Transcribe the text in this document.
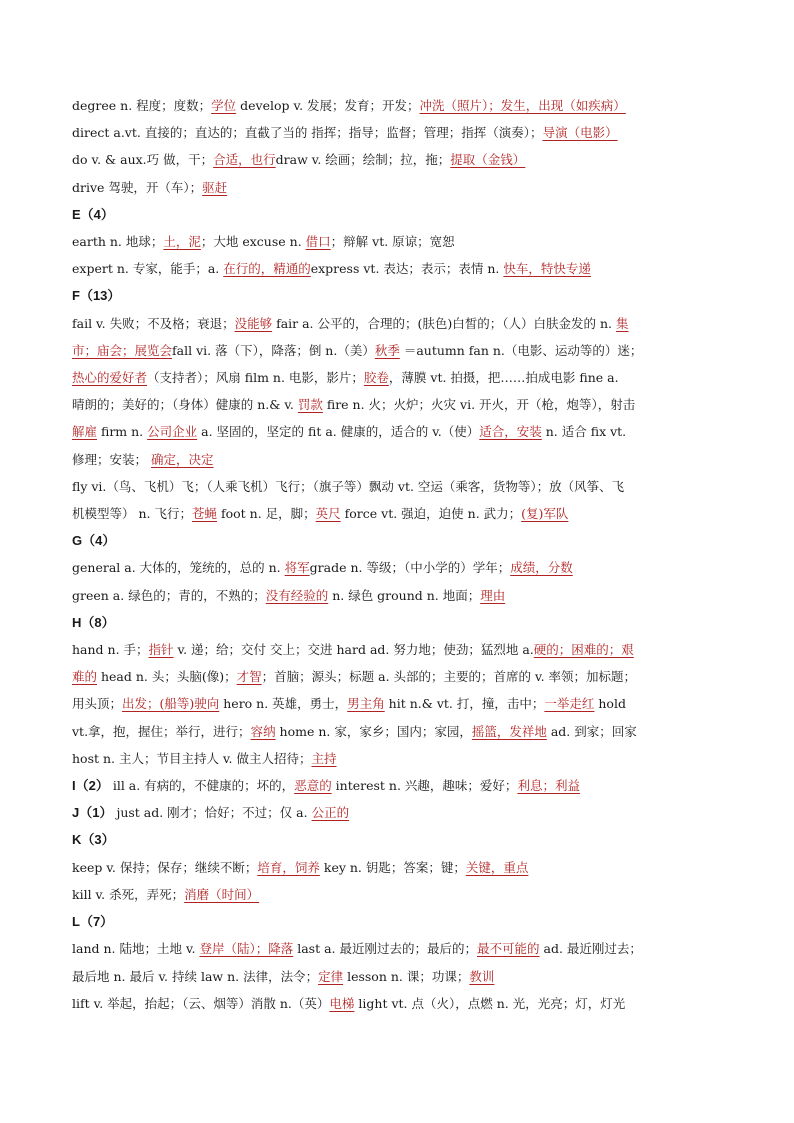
degree n. 程度；度数；学位 develop v. 发展；发育；开发；冲洗（照片）；发生，出现（如疾病）
direct a.vt. 直接的；直达的；直截了当的 指挥；指导；监督；管理；指挥（演奏）；导演（电影）
do v. & aux.巧 做，干；合适，也行draw v. 绘画；绘制；拉，拖；提取（金钱）
drive 驾驶，开（车）；驱赶
E（4）
earth n. 地球；土，泥；大地 excuse n. 借口；辩解 vt. 原谅；宽恕
expert n. 专家，能手；a. 在行的，精通的express vt. 表达；表示；表情 n. 快车，特快专递
F（13）
fail v. 失败；不及格；衰退；没能够 fair a. 公平的，合理的；(肤色)白皙的；（人）白肤金发的 n. 集
市；庙会；展览会fall vi. 落（下），降落；倒 n.（美）秋季 ＝autumn fan n.（电影、运动等的）迷；
热心的爱好者（支持者）；风扇 film n. 电影，影片；胶卷，薄膜 vt. 拍摄，把……拍成电影 fine a.
晴朗的；美好的；（身体）健康的 n.& v. 罚款 fire n. 火；火炉；火灾 vi. 开火，开（枪，炮等），射击
解雇 firm n. 公司企业 a. 坚固的，坚定的 fit a. 健康的，适合的 v.（使）适合，安装 n. 适合 fix vt.
修理；安装； 确定，决定
fly vi.（鸟、飞机）飞；（人乘飞机）飞行；（旗子等）飘动 vt. 空运（乘客，货物等）；放（风筝、飞
机模型等） n. 飞行；苍蝇 foot n. 足，脚；英尺 force vt. 强迫，迫使 n. 武力；(复)军队
G（4）
general a. 大体的，笼统的，总的 n. 将军grade n. 等级；（中小学的）学年；成绩，分数
green a. 绿色的；青的，不熟的；没有经验的 n. 绿色 ground n. 地面；理由
H（8）
hand n. 手；指针 v. 递；给；交付 交上；交进 hard ad. 努力地；使劲；猛烈地 a.硬的；困难的；艰
难的 head n. 头；头脑(像)；才智；首脑；源头；标题 a. 头部的；主要的；首席的 v. 率领；加标题；
用头顶；出发；(船等)驶向 hero n. 英雄，勇士，男主角 hit n.& vt. 打，撞，击中；一举走红 hold
vt.拿，抱，握住；举行，进行；容纳 home n. 家，家乡；国内；家园，摇篮，发祥地 ad. 到家；回家
host n. 主人；节目主持人 v. 做主人招待；主持
I（2） ill a. 有病的，不健康的；坏的，恶意的 interest n. 兴趣，趣味；爱好；利息；利益
J（1） just ad. 刚才；恰好；不过；仅 a. 公正的
K（3）
keep v. 保持；保存；继续不断；培育，饲养 key n. 钥匙；答案；键；关键，重点
kill v. 杀死，弄死；消磨（时间）
L（7）
land n. 陆地；土地 v. 登岸（陆）；降落 last a. 最近刚过去的；最后的；最不可能的 ad. 最近刚过去；
最后地 n. 最后 v. 持续 law n. 法律，法令；定律 lesson n. 课；功课；教训
lift v. 举起，抬起；（云、烟等）消散 n.（英）电梯 light vt. 点（火），点燃 n. 光，光亮；灯，灯光
